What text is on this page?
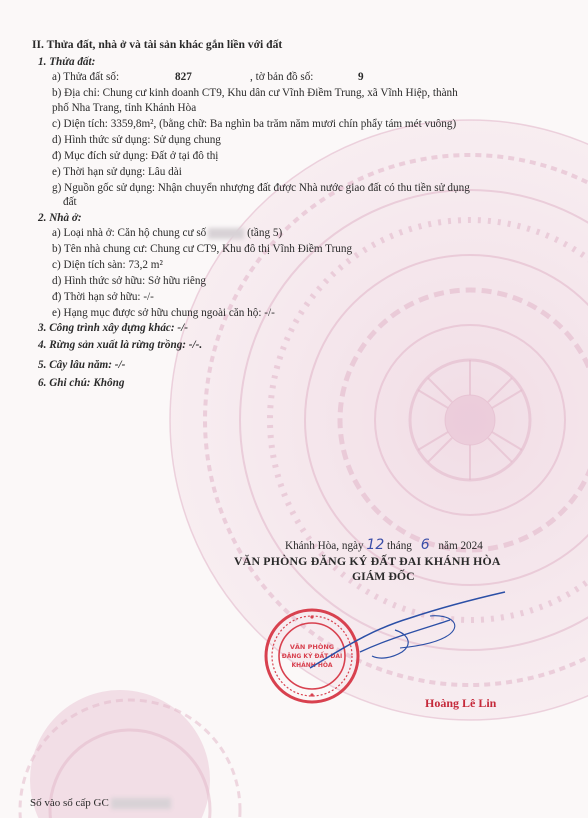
II. Thửa đất, nhà ở và tài sản khác gắn liền với đất
1. Thửa đất:
a) Thửa đất số:	827	, tờ bản đồ số:	9
b) Địa chỉ: Chung cư kinh doanh CT9, Khu dân cư Vĩnh Điềm Trung, xã Vĩnh Hiệp, thành
phố Nha Trang, tỉnh Khánh Hòa
c) Diện tích: 3359,8m², (bằng chữ: Ba nghìn ba trăm năm mươi chín phẩy tám mét vuông)
d) Hình thức sử dụng: Sử dụng chung
đ) Mục đích sử dụng: Đất ở tại đô thị
e) Thời hạn sử dụng: Lâu dài
g) Nguồn gốc sử dụng: Nhận chuyển nhượng đất được Nhà nước giao đất có thu tiền sử dụng
đất
2. Nhà ở:
a) Loại nhà ở: Căn hộ chung cư số	(tầng 5)
b) Tên nhà chung cư: Chung cư CT9, Khu đô thị Vĩnh Điềm Trung
c) Diện tích sàn: 73,2 m²
d) Hình thức sở hữu: Sở hữu riêng
đ) Thời hạn sở hữu: -/-
e) Hạng mục được sở hữu chung ngoài căn hộ: -/-
3. Công trình xây dựng khác: -/-
4. Rừng sản xuất là rừng trồng: -/-.
5. Cây lâu năm: -/-
6. Ghi chú: Không
Khánh Hòa, ngày 12 tháng 6 năm 2024
VĂN PHÒNG ĐĂNG KÝ ĐẤT ĐAI KHÁNH HÒA
GIÁM ĐỐC
VĂN PHÒNG
ĐĂNG KÝ ĐẤT ĐAI
KHÁNH HÒA
Hoàng Lê Lin
Số vào sổ cấp GC
